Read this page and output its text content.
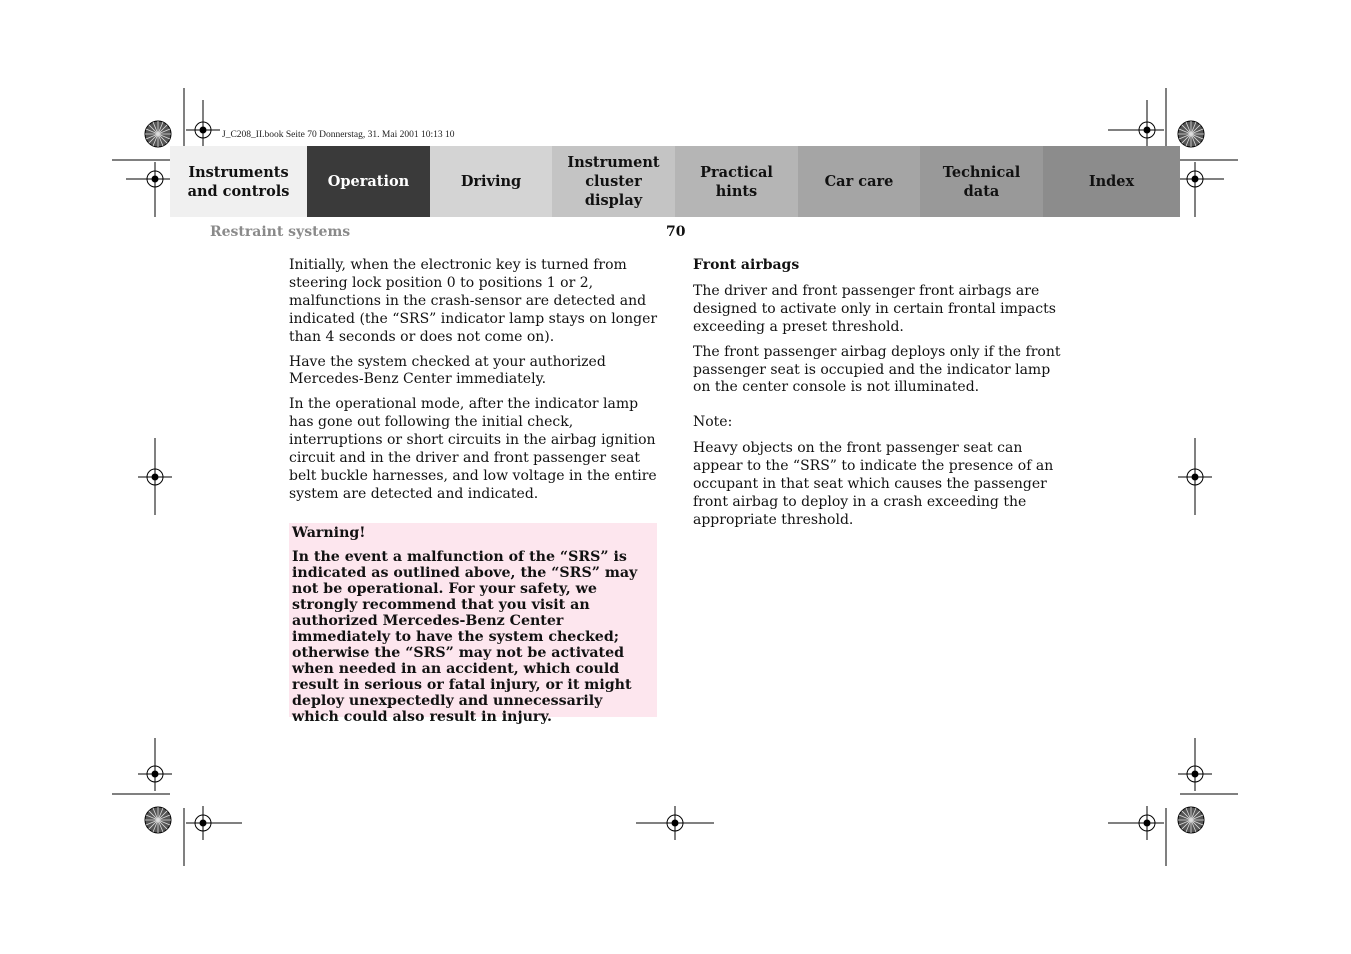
J_C208_II.book Seite 70 Donnerstag, 31. Mai 2001 10:13 10
Instruments
and controls
Operation	Driving
Instrument
cluster display
Practical hints
Car care
Technical
data
Index
Restraint systems	70

Initially, when the electronic key is turned from steering lock position 0 to positions 1 or 2, malfunctions in the crash-sensor are detected and indicated (the “SRS” indicator lamp stays on longer than 4 seconds or does not come on).

Have the system checked at your authorized Mercedes-Benz Center immediately.

In the operational mode, after the indicator lamp has gone out following the initial check, interruptions or short circuits in the airbag ignition circuit and in the driver and front passenger seat belt buckle harnesses, and low voltage in the entire system are detected and indicated.

Warning!

In the event a malfunction of the “SRS” is indicated as outlined above, the “SRS” may not be operational. For your safety, we strongly recommend that you visit an authorized Mercedes-Benz Center immediately to have the system checked; otherwise the “SRS” may not be activated when needed in an accident, which could result in serious or fatal injury, or it might deploy unexpectedly and unnecessarily which could also result in injury.

Front airbags

The driver and front passenger front airbags are designed to activate only in certain frontal impacts exceeding a preset threshold.

The front passenger airbag deploys only if the front passenger seat is occupied and the indicator lamp on the center console is not illuminated.

Note:

Heavy objects on the front passenger seat can appear to the “SRS” to indicate the presence of an occupant in that seat which causes the passenger front airbag to deploy in a crash exceeding the appropriate threshold.
